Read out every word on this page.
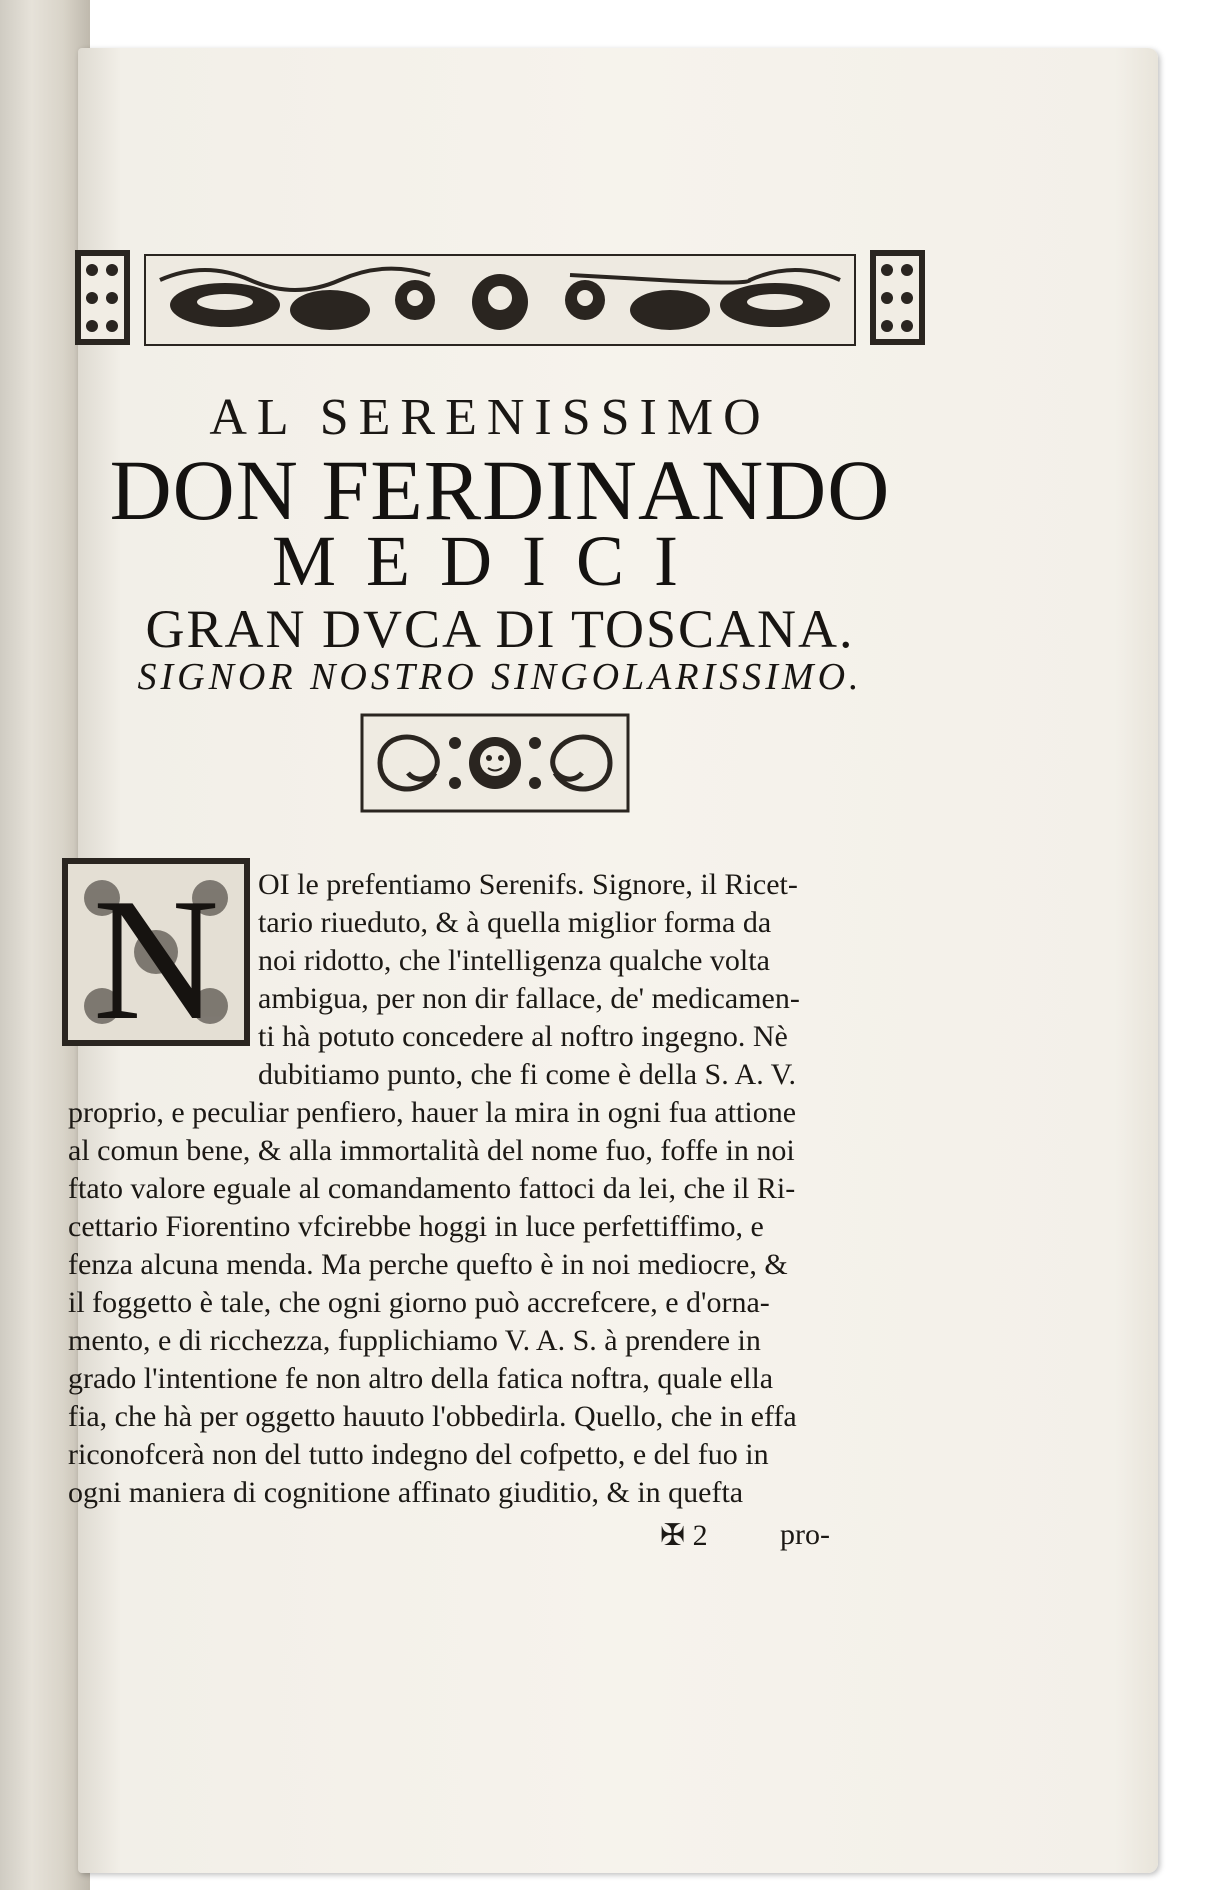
AL SERENISSIMO
DON FERDINANDO
MEDICI
GRAN DVCA DI TOSCANA.
SIGNOR NOSTRO SINGOLARISSIMO.
N OI le prefentiamo Serenifs. Signore, il Ricet-
tario riueduto, & à quella miglior forma da
noi ridotto, che l'intelligenza qualche volta
ambigua, per non dir fallace, de' medicamen-
ti hà potuto concedere al noftro ingegno. Nè
dubitiamo punto, che fi come è della S. A. V.
proprio, e peculiar penfiero, hauer la mira in ogni fua attione
al comun bene, & alla immortalità del nome fuo, foffe in noi
ftato valore eguale al comandamento fattoci da lei, che il Ri-
cettario Fiorentino vfcirebbe hoggi in luce perfettiffimo, e
fenza alcuna menda. Ma perche quefto è in noi mediocre, &
il foggetto è tale, che ogni giorno può accrefcere, e d'orna-
mento, e di ricchezza, fupplichiamo V. A. S. à prendere in
grado l'intentione fe non altro della fatica noftra, quale ella
fia, che hà per oggetto hauuto l'obbedirla. Quello, che in effa
riconofcerà non del tutto indegno del cofpetto, e del fuo in
ogni maniera di cognitione affinato giuditio, & in quefta
✠ 2 pro-
